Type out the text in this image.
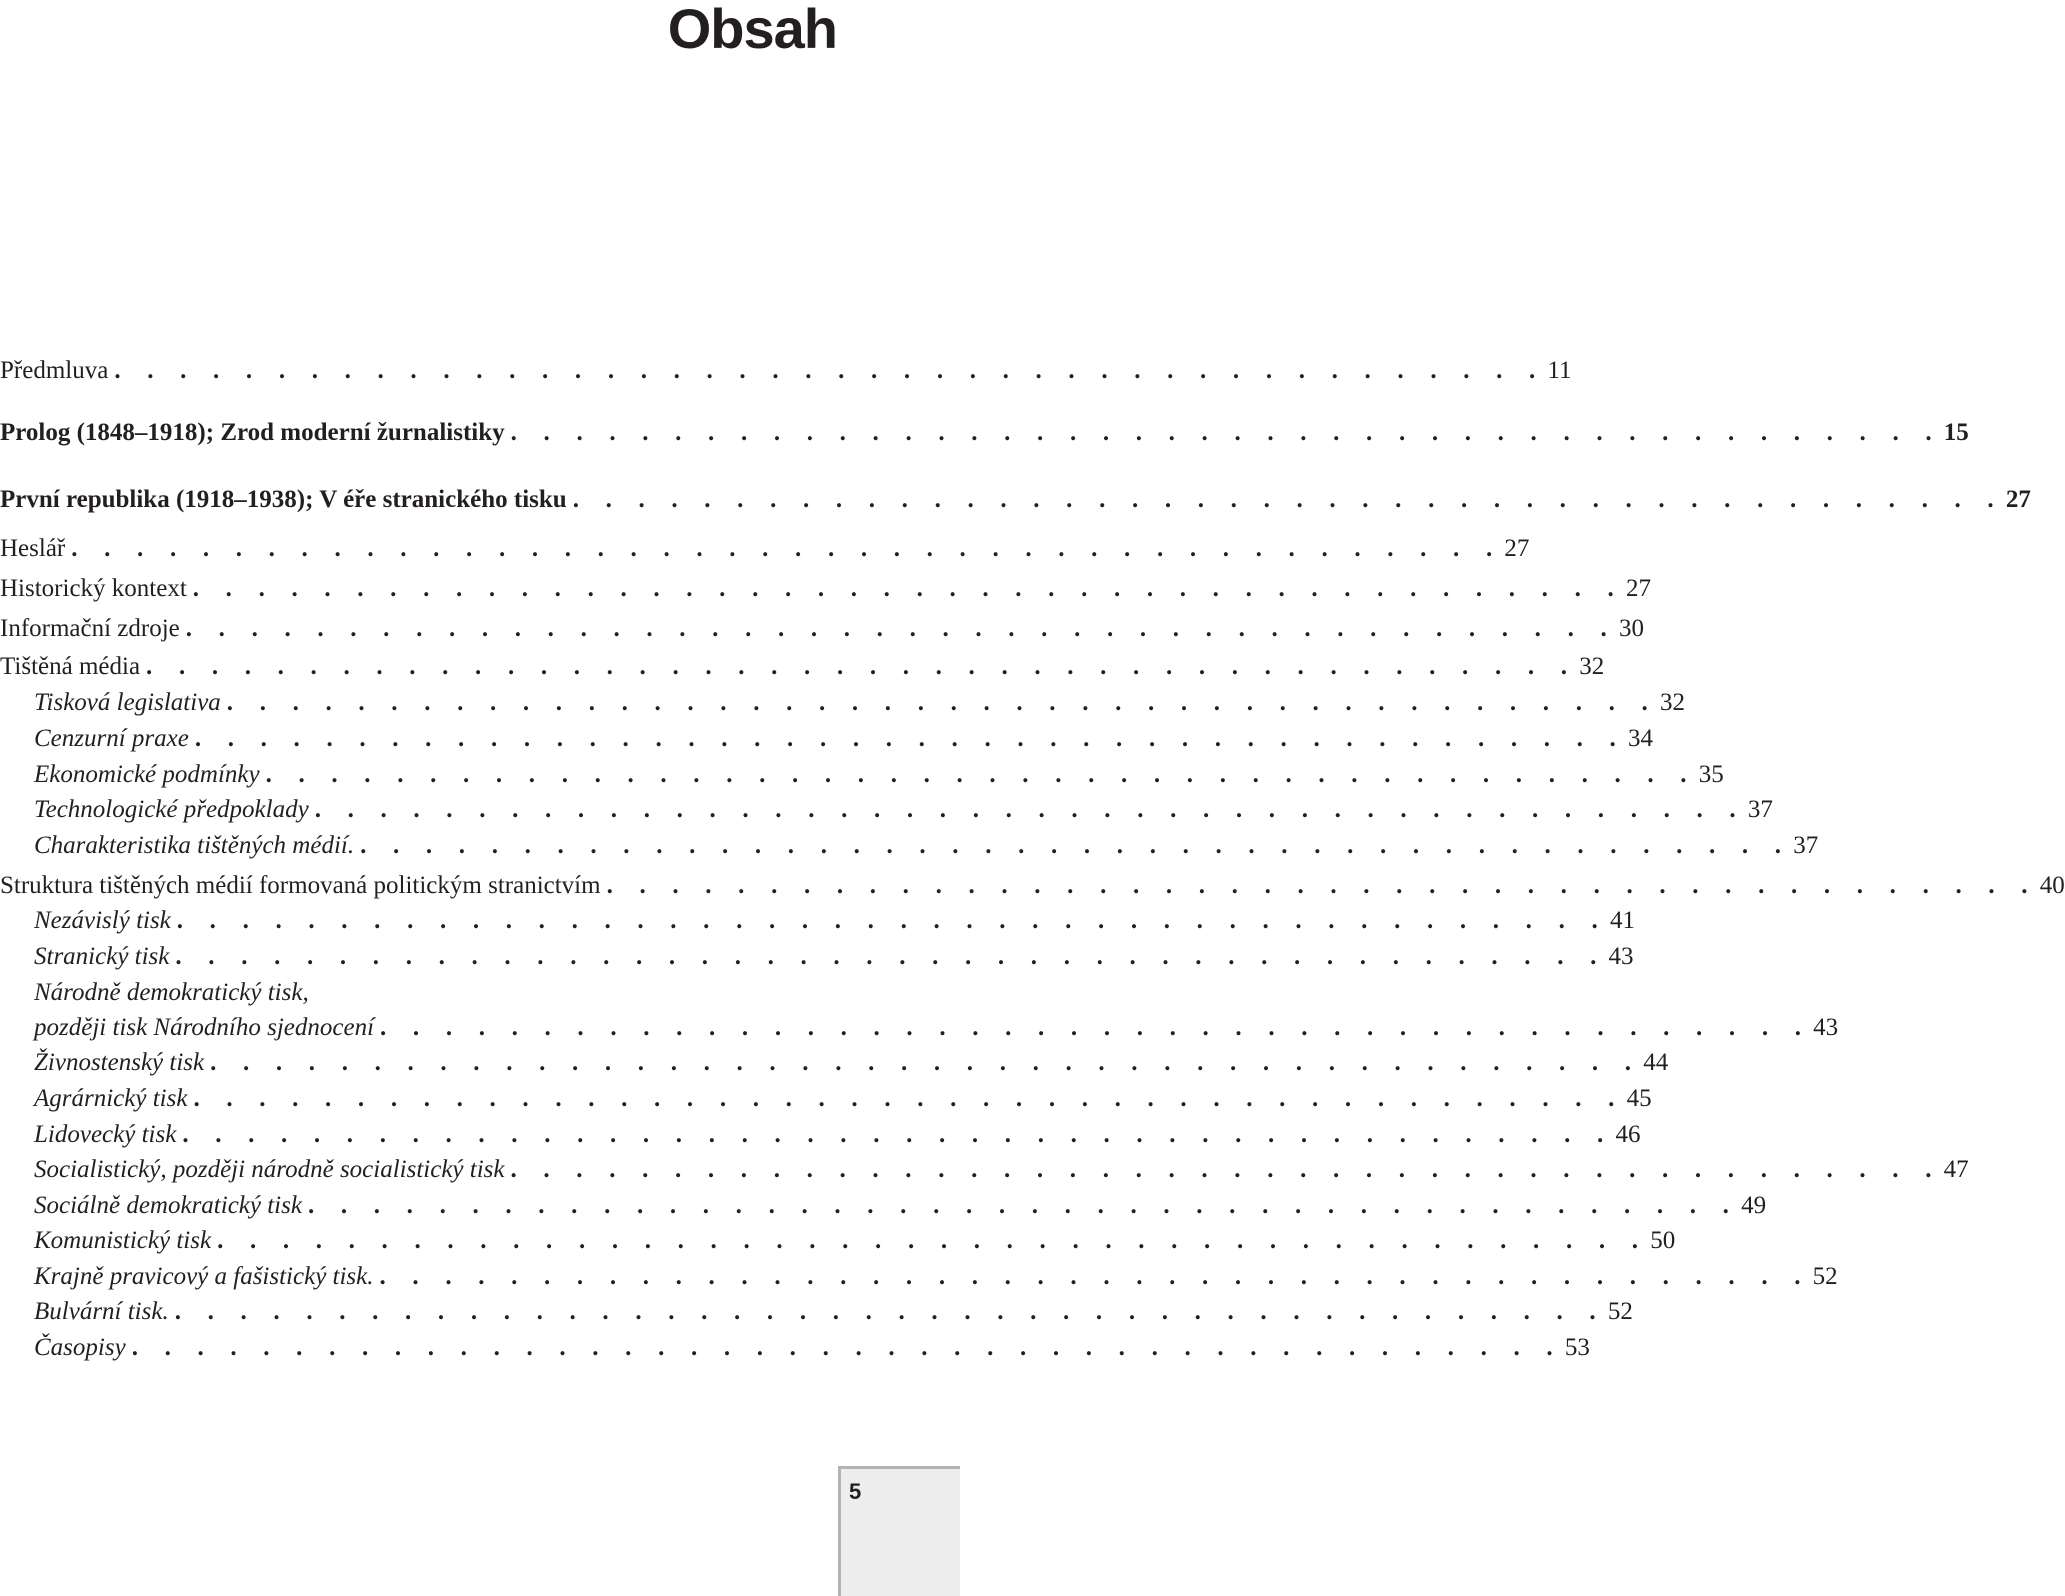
Obsah
Předmluva . . . . . . . . . . . . . . . . . . . . . . . . . . . . . . . . . . . . . . . . . . . . 11
Prolog (1848–1918); Zrod moderní žurnalistiky . . . . . . . . . . . . . . . . . . . . . . . . . . . . . . . . . . . . . . . . . . . . 15
První republika (1918–1938); V éře stranického tisku . . . . . . . . . . . . . . . . . . . . . . . . . . . . . . . . . . . . . . . . . . . . 27
Heslář . . . . . . . . . . . . . . . . . . . . . . . . . . . . . . . . . . . . . . . . . . . . 27
Historický kontext . . . . . . . . . . . . . . . . . . . . . . . . . . . . . . . . . . . . . . . . . . . . 27
Informační zdroje . . . . . . . . . . . . . . . . . . . . . . . . . . . . . . . . . . . . . . . . . . . . 30
Tištěná média . . . . . . . . . . . . . . . . . . . . . . . . . . . . . . . . . . . . . . . . . . . . 32
Tisková legislativa . . . . . . . . . . . . . . . . . . . . . . . . . . . . . . . . . . . . . . . . . . . . 32
Cenzurní praxe . . . . . . . . . . . . . . . . . . . . . . . . . . . . . . . . . . . . . . . . . . . . 34
Ekonomické podmínky . . . . . . . . . . . . . . . . . . . . . . . . . . . . . . . . . . . . . . . . . . . . 35
Technologické předpoklady . . . . . . . . . . . . . . . . . . . . . . . . . . . . . . . . . . . . . . . . . . . . 37
Charakteristika tištěných médií. . . . . . . . . . . . . . . . . . . . . . . . . . . . . . . . . . . . . . . . . . . . . 37
Struktura tištěných médií formovaná politickým stranictvím . . . . . . . . . . . . . . . . . . . . . . . . . . . . . . . . . . . . . . . . . . . . 40
Nezávislý tisk . . . . . . . . . . . . . . . . . . . . . . . . . . . . . . . . . . . . . . . . . . . . 41
Stranický tisk . . . . . . . . . . . . . . . . . . . . . . . . . . . . . . . . . . . . . . . . . . . . 43
Národně demokratický tisk,
později tisk Národního sjednocení . . . . . . . . . . . . . . . . . . . . . . . . . . . . . . . . . . . . . . . . . . . . 43
Živnostenský tisk . . . . . . . . . . . . . . . . . . . . . . . . . . . . . . . . . . . . . . . . . . . . 44
Agrárnický tisk . . . . . . . . . . . . . . . . . . . . . . . . . . . . . . . . . . . . . . . . . . . . 45
Lidovecký tisk . . . . . . . . . . . . . . . . . . . . . . . . . . . . . . . . . . . . . . . . . . . . 46
Socialistický, později národně socialistický tisk . . . . . . . . . . . . . . . . . . . . . . . . . . . . . . . . . . . . . . . . . . . . 47
Sociálně demokratický tisk . . . . . . . . . . . . . . . . . . . . . . . . . . . . . . . . . . . . . . . . . . . . 49
Komunistický tisk . . . . . . . . . . . . . . . . . . . . . . . . . . . . . . . . . . . . . . . . . . . . 50
Krajně pravicový a fašistický tisk. . . . . . . . . . . . . . . . . . . . . . . . . . . . . . . . . . . . . . . . . . . . . 52
Bulvární tisk. . . . . . . . . . . . . . . . . . . . . . . . . . . . . . . . . . . . . . . . . . . . . 52
Časopisy . . . . . . . . . . . . . . . . . . . . . . . . . . . . . . . . . . . . . . . . . . . . 53
5
